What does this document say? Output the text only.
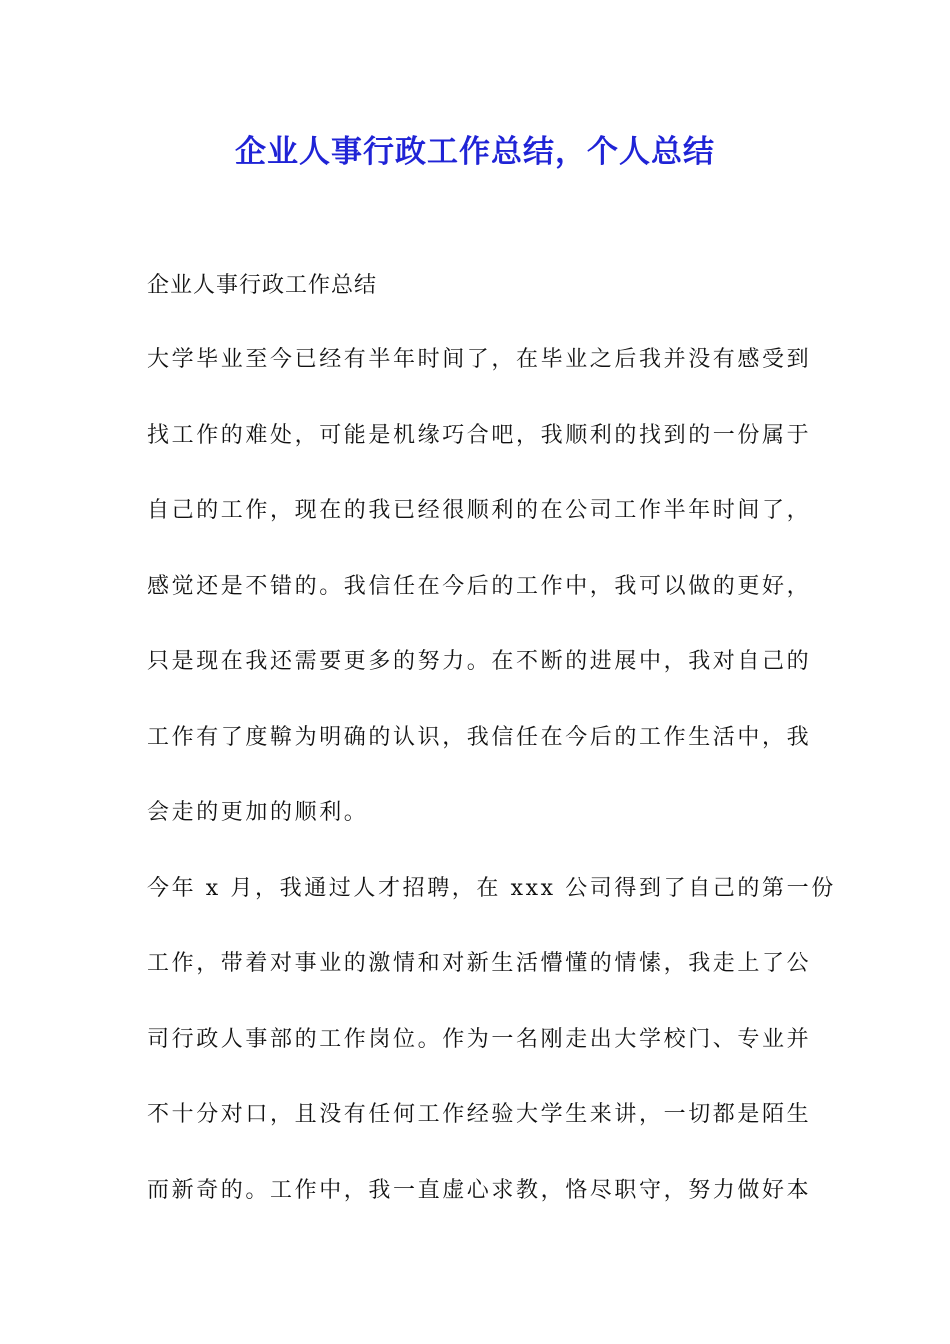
企业人事行政工作总结，个人总结
企业人事行政工作总结
大学毕业至今已经有半年时间了，在毕业之后我并没有感受到
找工作的难处，可能是机缘巧合吧，我顺利的找到的一份属于
自己的工作，现在的我已经很顺利的在公司工作半年时间了，
感觉还是不错的。我信任在今后的工作中，我可以做的更好，
只是现在我还需要更多的努力。在不断的进展中，我对自己的
工作有了度鞥为明确的认识，我信任在今后的工作生活中，我
会走的更加的顺利。
今年 x 月，我通过人才招聘，在 xxx 公司得到了自己的第一份
工作，带着对事业的激情和对新生活懵懂的情愫，我走上了公
司行政人事部的工作岗位。作为一名刚走出大学校门、专业并
不十分对口，且没有任何工作经验大学生来讲，一切都是陌生
而新奇的。工作中，我一直虚心求教，恪尽职守，努力做好本
